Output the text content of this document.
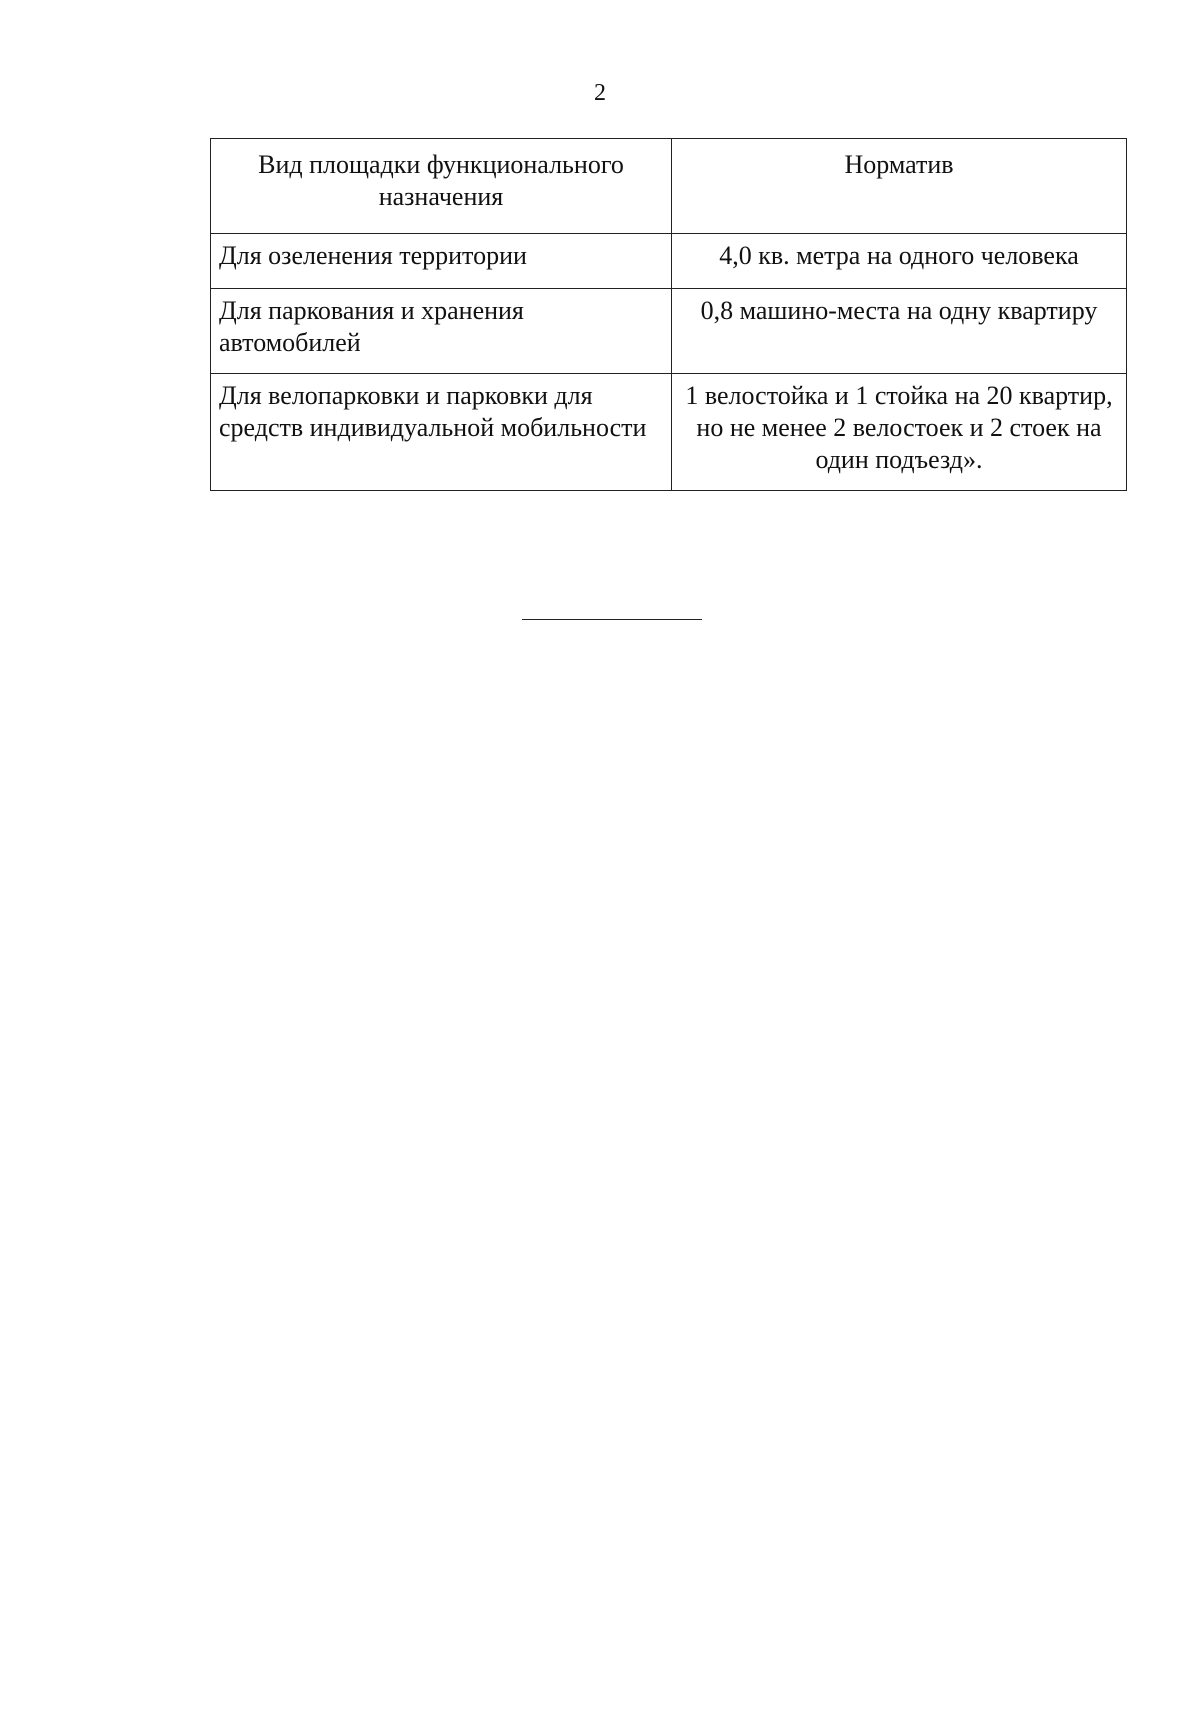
2
Вид площадки функционального назначения	Норматив
Для озеленения территории	4,0 кв. метра на одного человека
Для паркования и хранения автомобилей	0,8 машино-места на одну квартиру
Для велопарковки и парковки для средств индивидуальной мобильности	1 велостойка и 1 стойка на 20 квартир, но не менее 2 велостоек и 2 стоек на один подъезд».
